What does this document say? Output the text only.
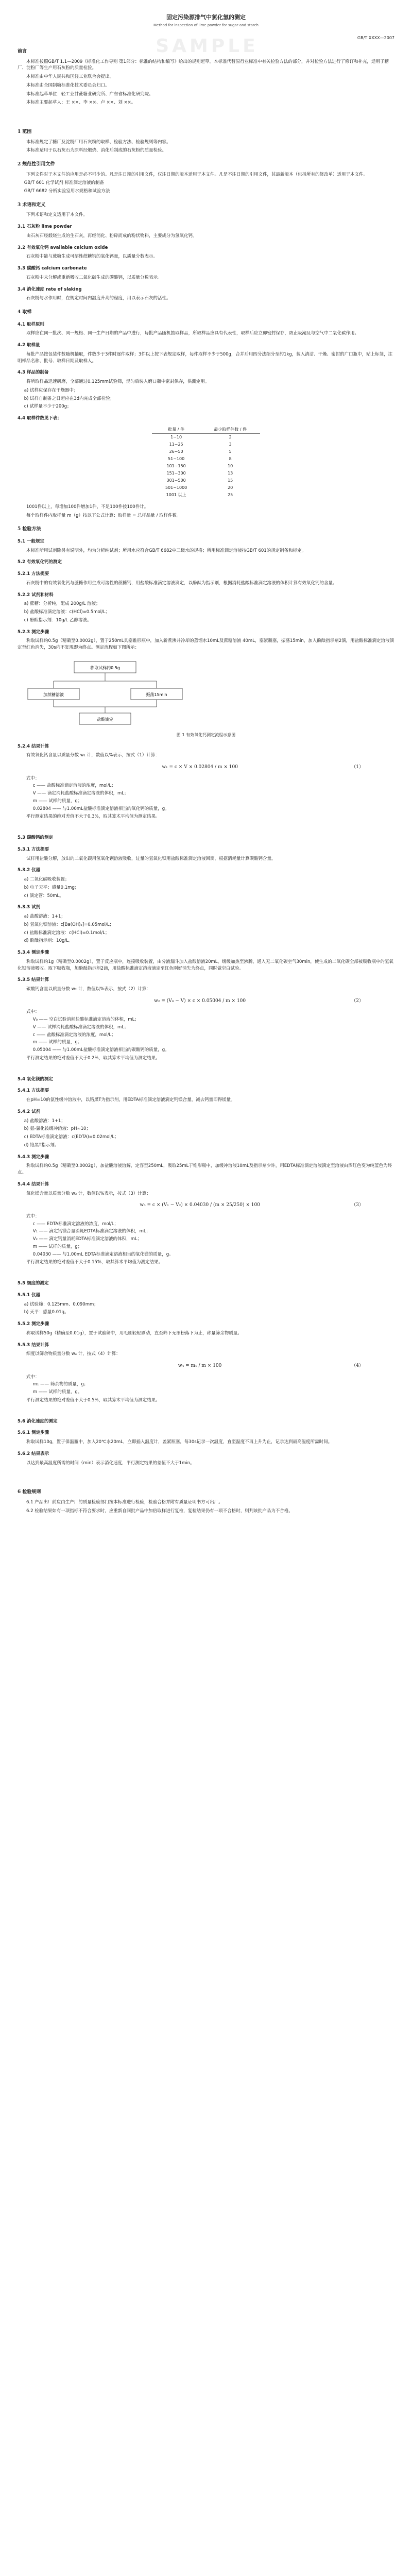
SAMPLE
固定污染源排气中氯化氢的测定
Method for inspection of lime powder for sugar and starch
GB/T XXXX—2007
前言

本标准按照GB/T 1.1—2009《标准化工作导则 第1部分：标准的结构和编写》给出的规则起草。本标准代替原行业标准中有关检验方法的部分，并对检验方法进行了修订和补充，适用于糖厂、淀粉厂等生产用石灰粉的质量检验。

本标准由中华人民共和国轻工业联合会提出。

本标准由全国制糖标准化技术委员会归口。

本标准起草单位：轻工业甘蔗糖业研究所、广东省标准化研究院。

本标准主要起草人：王 ××、李 ××、卢 ××、刘 ××。

1 范围

本标准规定了糖厂及淀粉厂用石灰粉的取样、检验方法、检验规则等内容。

本标准适用于以石灰石为原料经煅烧、消化后制成的石灰粉的质量检验。

2 规范性引用文件

下列文件对于本文件的应用是必不可少的。凡是注日期的引用文件，仅注日期的版本适用于本文件。凡是不注日期的引用文件，其最新版本（包括所有的修改单）适用于本文件。

GB/T 601 化学试剂 标准滴定溶液的制备

GB/T 6682 分析实验室用水规格和试验方法

3 术语和定义

下列术语和定义适用于本文件。

3.1 石灰粉 lime powder

由石灰石经煅烧生成的生石灰，再经消化、粉碎而成的粉状物料，主要成分为氢氧化钙。

3.2 有效氧化钙 available calcium oxide

石灰粉中能与蔗糖生成可溶性蔗糖钙的氧化钙量，以质量分数表示。

3.3 碳酸钙 calcium carbonate

石灰粉中未分解或重新吸收二氧化碳生成的碳酸钙，以质量分数表示。

3.4 消化速度 rate of slaking

石灰粉与水作用时，在规定时间内温度升高的程度，用以表示石灰的活性。

4 取样
4.1 取样原则

取样应在同一批次、同一规格、同一生产日期的产品中进行，每批产品随机抽取样品，所取样品应具有代表性，取样后应立即密封保存，防止吸潮及与空气中二氧化碳作用。

4.2 取样量

每批产品按包装件数随机抽取，件数少于3件时逐件取样；3件以上按下表规定取样，每件取样不少于500g，合并后用四分法缩分至约1kg，装入清洁、干燥、密封的广口瓶中，贴上标签，注明样品名称、批号、取样日期及取样人。

4.3 样品的制备

将所取样品迅速研磨，全部通过0.125mm试验筛，混匀后装入磨口瓶中密封保存，供测定用。

a) 试样应保存在干燥器中；

b) 试样自制备之日起应在3d内完成全部检验；

c) 试样量不少于200g；

4.4 取样件数见下表：
批量 / 件	最少取样件数 / 件
1~10	2
11~25	3
26~50	5
51~100	8
101~150	10
151~300	13
301~500	15
501~1000	20
1001 以上	25

1001件以上，每增加100件增加1件，不足100件按100件计。

每个取样件内取样量 m（g）按以下公式计算：取样量 = 总样品量 / 取样件数。

5 检验方法
5.1 一般规定

本标准所用试剂除另有说明外，均为分析纯试剂；所用水应符合GB/T 6682中三级水的规格；所用标准滴定溶液按GB/T 601的规定制备和标定。

5.2 有效氧化钙的测定
5.2.1 方法提要

石灰粉中的有效氧化钙与蔗糖作用生成可溶性的蔗糖钙，用盐酸标准滴定溶液滴定，以酚酞为指示剂，根据消耗盐酸标准滴定溶液的体积计算有效氧化钙的含量。

5.2.2 试剂和材料

a) 蔗糖：分析纯，配成 200g/L 溶液；

b) 盐酸标准滴定溶液：c(HCl)=0.5mol/L；

c) 酚酞指示剂：10g/L 乙醇溶液。

5.2.3 测定步骤

称取试样约0.5g（精确至0.0002g），置于250mL具塞锥形瓶中，加入新煮沸并冷却的蒸馏水10mL及蔗糖溶液 40mL，塞紧瓶塞，振荡15min，加入酚酞指示剂2滴，用盐酸标准滴定溶液滴定至红色消失，30s内不复现即为终点。测定流程如下图所示：

称取试样约0.5g
加蔗糖溶液	振荡15min
盐酸滴定
图 1 有效氧化钙测定流程示意图
5.2.4 结果计算

有效氧化钙含量以质量分数 w₁ 计，数值以%表示，按式（1）计算：

w₁ = c × V × 0.02804 / m × 100	（1）

式中：

c —— 盐酸标准滴定溶液的浓度，mol/L；

V —— 滴定消耗盐酸标准滴定溶液的体积，mL；

m —— 试样的质量，g；

0.02804 —— 与1.00mL盐酸标准滴定溶液相当的氧化钙的质量，g。

平行测定结果的绝对差值不大于0.3%，取其算术平均值为测定结果。

5.3 碳酸钙的测定
5.3.1 方法提要

试样用盐酸分解，放出的二氧化碳用氢氧化钡溶液吸收，过量的氢氧化钡用盐酸标准滴定溶液回滴，根据消耗量计算碳酸钙含量。

5.3.2 仪器

a) 二氧化碳吸收装置；

b) 电子天平：感量0.1mg；

c) 滴定管：50mL。

5.3.3 试剂

a) 盐酸溶液：1+1；

b) 氢氧化钡溶液：c[Ba(OH)₂]=0.05mol/L；

c) 盐酸标准滴定溶液：c(HCl)=0.1mol/L；

d) 酚酞指示剂：10g/L。

5.3.4 测定步骤

称取试样约1g（精确至0.0002g），置于反应瓶中，连接吸收装置，由分液漏斗加入盐酸溶液20mL，缓缓加热至沸腾，通入无二氧化碳空气30min，使生成的二氧化碳全部被吸收瓶中的氢氧化钡溶液吸收。取下吸收瓶，加酚酞指示剂2滴，用盐酸标准滴定溶液滴定至红色刚好消失为终点，同时做空白试验。

5.3.5 结果计算

碳酸钙含量以质量分数 w₂ 计，数值以%表示，按式（2）计算：

w₂ = (V₀ − V) × c × 0.05004 / m × 100	（2）

式中：

V₀ —— 空白试验消耗盐酸标准滴定溶液的体积，mL；

V —— 试样消耗盐酸标准滴定溶液的体积，mL；

c —— 盐酸标准滴定溶液的浓度，mol/L；

m —— 试样的质量，g；

0.05004 —— 与1.00mL盐酸标准滴定溶液相当的碳酸钙的质量，g。

平行测定结果的绝对差值不大于0.2%，取其算术平均值为测定结果。

5.4 氧化镁的测定
5.4.1 方法提要

在pH=10的氨性缓冲溶液中，以铬黑T为指示剂，用EDTA标准滴定溶液滴定钙镁合量，减去钙量即得镁量。

5.4.2 试剂

a) 盐酸溶液：1+1；

b) 氨-氯化铵缓冲溶液：pH≈10；

c) EDTA标准滴定溶液：c(EDTA)=0.02mol/L；

d) 铬黑T指示剂。

5.4.3 测定步骤

称取试样约0.5g（精确至0.0002g），加盐酸溶液溶解，定容至250mL，吸取25mL于锥形瓶中，加缓冲溶液10mL及指示剂少许，用EDTA标准滴定溶液滴定至溶液由酒红色变为纯蓝色为终点。

5.4.4 结果计算

氧化镁含量以质量分数 w₃ 计，数值以%表示，按式（3）计算：

w₃ = c × (V₁ − V₂) × 0.04030 / (m × 25/250) × 100	（3）

式中：

c —— EDTA标准滴定溶液的浓度，mol/L；

V₁ —— 滴定钙镁合量消耗EDTA标准滴定溶液的体积，mL；

V₂ —— 滴定钙量消耗EDTA标准滴定溶液的体积，mL；

m —— 试样的质量，g；

0.04030 —— 与1.00mL EDTA标准滴定溶液相当的氧化镁的质量，g。

平行测定结果的绝对差值不大于0.15%，取其算术平均值为测定结果。

5.5 细度的测定
5.5.1 仪器

a) 试验筛：0.125mm、0.090mm；

b) 天平：感量0.01g。

5.5.2 测定步骤

称取试样50g（精确至0.01g），置于试验筛中，用毛刷轻轻刷动，直至筛下无细粉落下为止，称量筛余物质量。

5.5.3 结果计算

细度以筛余物质量分数 w₄ 计，按式（4）计算：

w₄ = m₁ / m × 100	（4）

式中：

m₁ —— 筛余物的质量，g；

m —— 试样的质量，g。

平行测定结果的绝对差值不大于0.5%，取其算术平均值为测定结果。

5.6 消化速度的测定
5.6.1 测定步骤

称取试样10g，置于保温瓶中，加入20℃水20mL，立即插入温度计，盖紧瓶塞，每30s记录一次温度，直至温度不再上升为止，记录达到最高温度所需时间。

5.6.2 结果表示

以达到最高温度所需的时间（min）表示消化速度，平行测定结果的差值不大于1min。

6 检验规则

6.1 产品出厂前应由生产厂的质量检验部门按本标准进行检验，检验合格并附有质量证明书方可出厂。

6.2 检验结果如有一项指标不符合要求时，应重新自同批产品中加倍取样进行复检，复检结果仍有一项不合格时，则判该批产品为不合格。
